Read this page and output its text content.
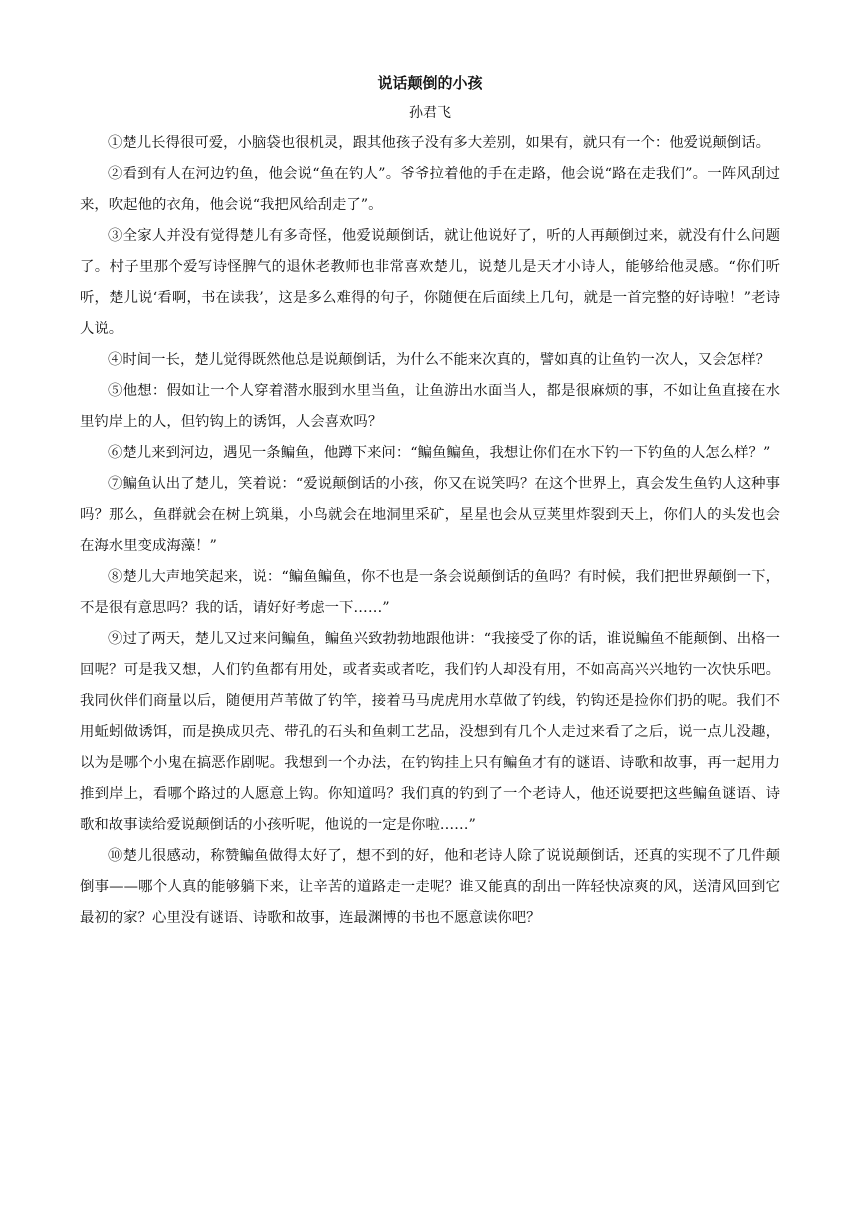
说话颠倒的小孩
孙君飞

①楚儿长得很可爱，小脑袋也很机灵，跟其他孩子没有多大差别，如果有，就只有一个：他爱说颠倒话。

②看到有人在河边钓鱼，他会说“鱼在钓人”。爷爷拉着他的手在走路，他会说“路在走我们”。一阵风刮过来，吹起他的衣角，他会说“我把风给刮走了”。

③全家人并没有觉得楚儿有多奇怪，他爱说颠倒话，就让他说好了，听的人再颠倒过来，就没有什么问题了。村子里那个爱写诗怪脾气的退休老教师也非常喜欢楚儿，说楚儿是天才小诗人，能够给他灵感。“你们听听，楚儿说‘看啊，书在读我’，这是多么难得的句子，你随便在后面续上几句，就是一首完整的好诗啦！”老诗人说。

④时间一长，楚儿觉得既然他总是说颠倒话，为什么不能来次真的，譬如真的让鱼钓一次人，又会怎样？

⑤他想：假如让一个人穿着潜水服到水里当鱼，让鱼游出水面当人，都是很麻烦的事，不如让鱼直接在水里钓岸上的人，但钓钩上的诱饵，人会喜欢吗？

⑥楚儿来到河边，遇见一条鳊鱼，他蹲下来问：“鳊鱼鳊鱼，我想让你们在水下钓一下钓鱼的人怎么样？”

⑦鳊鱼认出了楚儿，笑着说：“爱说颠倒话的小孩，你又在说笑吗？在这个世界上，真会发生鱼钓人这种事吗？那么，鱼群就会在树上筑巢，小鸟就会在地洞里采矿，星星也会从豆荚里炸裂到天上，你们人的头发也会在海水里变成海藻！”

⑧楚儿大声地笑起来，说：“鳊鱼鳊鱼，你不也是一条会说颠倒话的鱼吗？有时候，我们把世界颠倒一下，不是很有意思吗？我的话，请好好考虑一下……”

⑨过了两天，楚儿又过来问鳊鱼，鳊鱼兴致勃勃地跟他讲：“我接受了你的话，谁说鳊鱼不能颠倒、出格一回呢？可是我又想，人们钓鱼都有用处，或者卖或者吃，我们钓人却没有用，不如高高兴兴地钓一次快乐吧。我同伙伴们商量以后，随便用芦苇做了钓竿，接着马马虎虎用水草做了钓线，钓钩还是捡你们扔的呢。我们不用蚯蚓做诱饵，而是换成贝壳、带孔的石头和鱼刺工艺品，没想到有几个人走过来看了之后，说一点儿没趣，以为是哪个小鬼在搞恶作剧呢。我想到一个办法，在钓钩挂上只有鳊鱼才有的谜语、诗歌和故事，再一起用力推到岸上，看哪个路过的人愿意上钩。你知道吗？我们真的钓到了一个老诗人，他还说要把这些鳊鱼谜语、诗歌和故事读给爱说颠倒话的小孩听呢，他说的一定是你啦……”

⑩楚儿很感动，称赞鳊鱼做得太好了，想不到的好，他和老诗人除了说说颠倒话，还真的实现不了几件颠倒事——哪个人真的能够躺下来，让辛苦的道路走一走呢？谁又能真的刮出一阵轻快凉爽的风，送清风回到它最初的家？心里没有谜语、诗歌和故事，连最渊博的书也不愿意读你吧？
